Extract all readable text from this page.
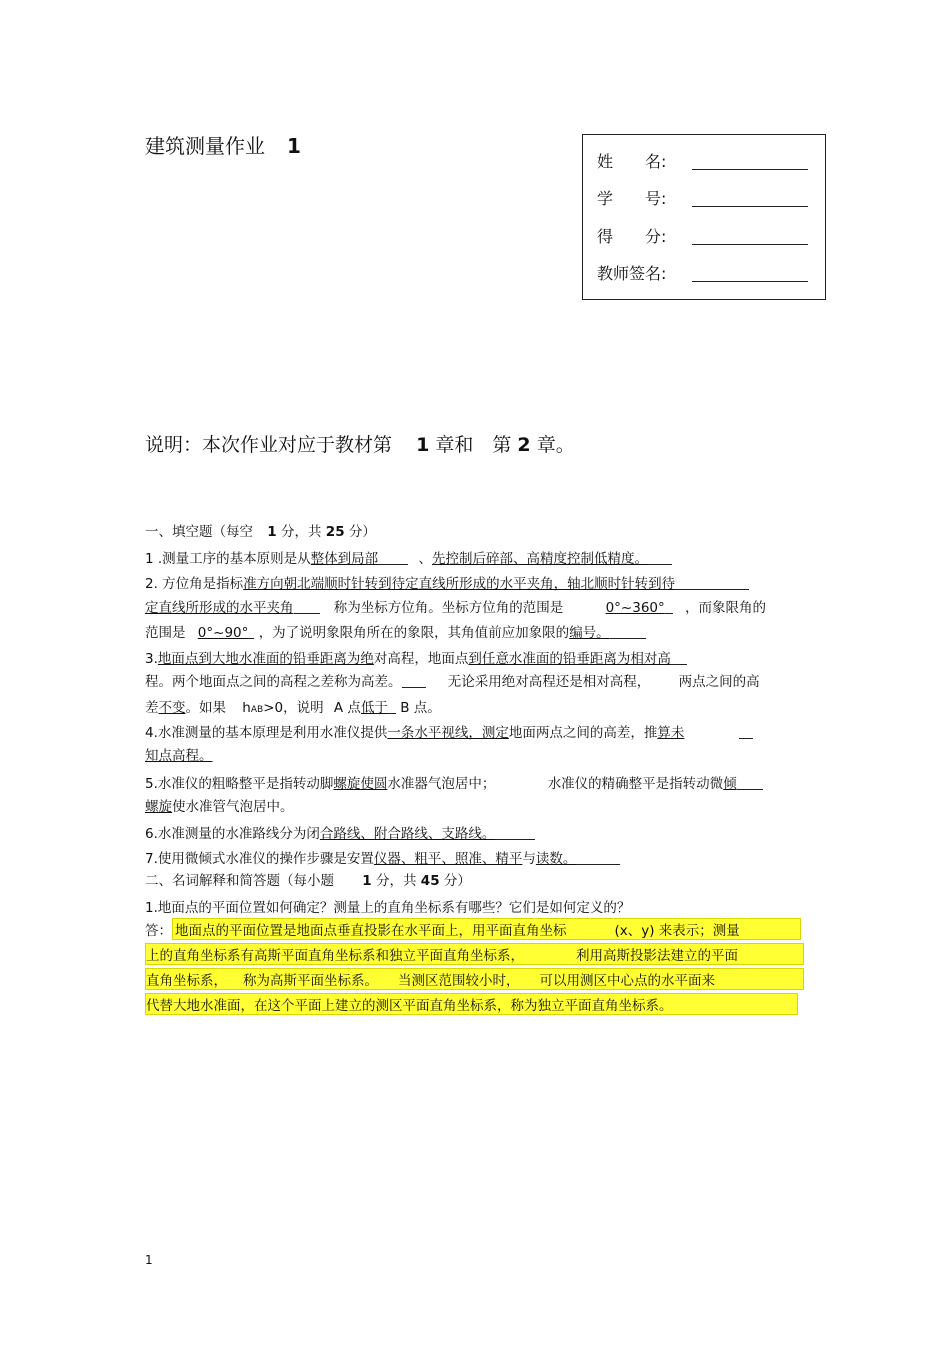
建筑测量作业 1
姓　　名:
学　　号:
得　　分:
教师签名:
说明：本次作业对应于教材第 1 章和　第 2 章。
一、填空题（每空 1 分，共 25 分）
1 .测量工序的基本原则是从整体到局部	、先控制后碎部、高精度控制低精度。
2. 方位角是指标准方向朝北端顺时针转到待定直线所形成的水平夹角，轴北顺时针转到待
定直线所形成的水平夹角	称为坐标方位角。坐标方位角的范围是	0°~360° ，而象限角的
范围是 0°~90° ，为了说明象限角所在的象限，其角值前应加象限的编号。
3.地面点到大地水准面的铅垂距离为绝对高程，地面点到任意水准面的铅垂距离为相对高
程。两个地面点之间的高程之差称为高差。	无论采用绝对高程还是相对高程， 两点之间的高
差不变。如果 hAB>0，说明 A 点低于 B 点。
4.水准测量的基本原理是利用水准仪提供一条水平视线，测定地面两点之间的高差，推算未
知点高程。
5.水准仪的粗略整平是指转动脚螺旋使圆水准器气泡居中；	水准仪的精确整平是指转动微倾
螺旋使水准管气泡居中。
6.水准测量的水准路线分为闭合路线、附合路线、支路线。
7.使用微倾式水准仪的操作步骤是安置仪器、粗平、照准、精平与读数。
二、名词解释和简答题（每小题 1 分，共 45 分）
1.地面点的平面位置如何确定？测量上的直角坐标系有哪些？它们是如何定义的？
答： 地面点的平面位置是地面点垂直投影在水平面上，用平面直角坐标	(x、y) 来表示；测量
上的直角坐标系有高斯平面直角坐标系和独立平面直角坐标系，	利用高斯投影法建立的平面
直角坐标系， 称为高斯平面坐标系。 当测区范围较小时， 可以用测区中心点的水平面来
代替大地水准面，在这个平面上建立的测区平面直角坐标系，称为独立平面直角坐标系。
1
